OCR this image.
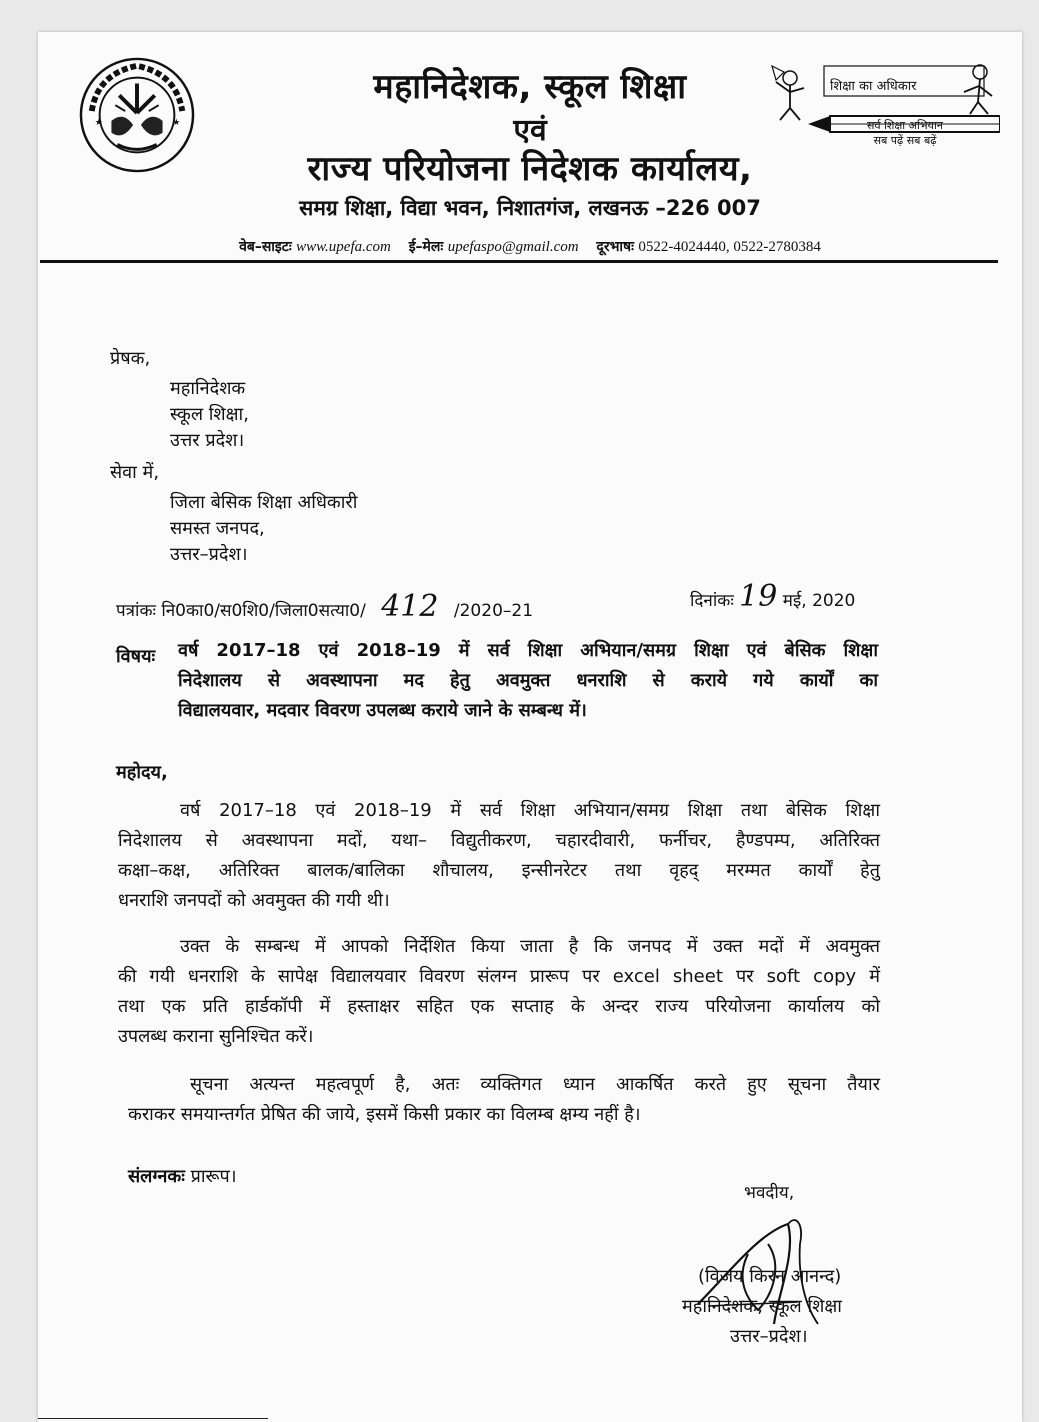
★	★
महानिदेशक, स्कूल शिक्षा
एवं
राज्य परियोजना निदेशक कार्यालय,
समग्र शिक्षा, विद्या भवन, निशातगंज, लखनऊ –226 007
शिक्षा का अधिकार
सर्व शिक्षा अभियान
सब पढ़ें सब बढ़ें
वेब–साइटः www.upefa.com ई–मेलः upefaspo@gmail.com दूरभाषः 0522-4024440, 0522-2780384
प्रेषक,
महानिदेशक
स्कूल शिक्षा,
उत्तर प्रदेश।
सेवा में,
जिला बेसिक शिक्षा अधिकारी
समस्त जनपद,
उत्तर–प्रदेश।
पत्रांकः नि0का0/स0शि0/जिला0सत्या0/ 412 /2020–21	दिनांकः 19 मई, 2020
विषयः वर्ष 2017–18 एवं 2018–19 में सर्व शिक्षा अभियान/समग्र शिक्षा एवं बेसिक शिक्षा
निदेशालय से अवस्थापना मद हेतु अवमुक्त धनराशि से कराये गये कार्यों का
विद्यालयवार, मदवार विवरण उपलब्ध कराये जाने के सम्बन्ध में।
महोदय,
वर्ष 2017–18 एवं 2018–19 में सर्व शिक्षा अभियान/समग्र शिक्षा तथा बेसिक शिक्षा
निदेशालय से अवस्थापना मदों, यथा– विद्युतीकरण, चहारदीवारी, फर्नीचर, हैण्डपम्प, अतिरिक्त
कक्षा–कक्ष, अतिरिक्त बालक/बालिका शौचालय, इन्सीनरेटर तथा वृहद् मरम्मत कार्यों हेतु
धनराशि जनपदों को अवमुक्त की गयी थी।
उक्त के सम्बन्ध में आपको निर्देशित किया जाता है कि जनपद में उक्त मदों में अवमुक्त
की गयी धनराशि के सापेक्ष विद्यालयवार विवरण संलग्न प्रारूप पर excel sheet पर soft copy में
तथा एक प्रति हार्डकॉपी में हस्ताक्षर सहित एक सप्ताह के अन्दर राज्य परियोजना कार्यालय को
उपलब्ध कराना सुनिश्चित करें।
सूचना अत्यन्त महत्वपूर्ण है, अतः व्यक्तिगत ध्यान आकर्षित करते हुए सूचना तैयार
कराकर समयान्तर्गत प्रेषित की जाये, इसमें किसी प्रकार का विलम्ब क्षम्य नहीं है।
संलग्नकः प्रारूप।
भवदीय,
(विजय किरन आनन्द)
महानिदेशक, स्कूल शिक्षा
उत्तर–प्रदेश।
